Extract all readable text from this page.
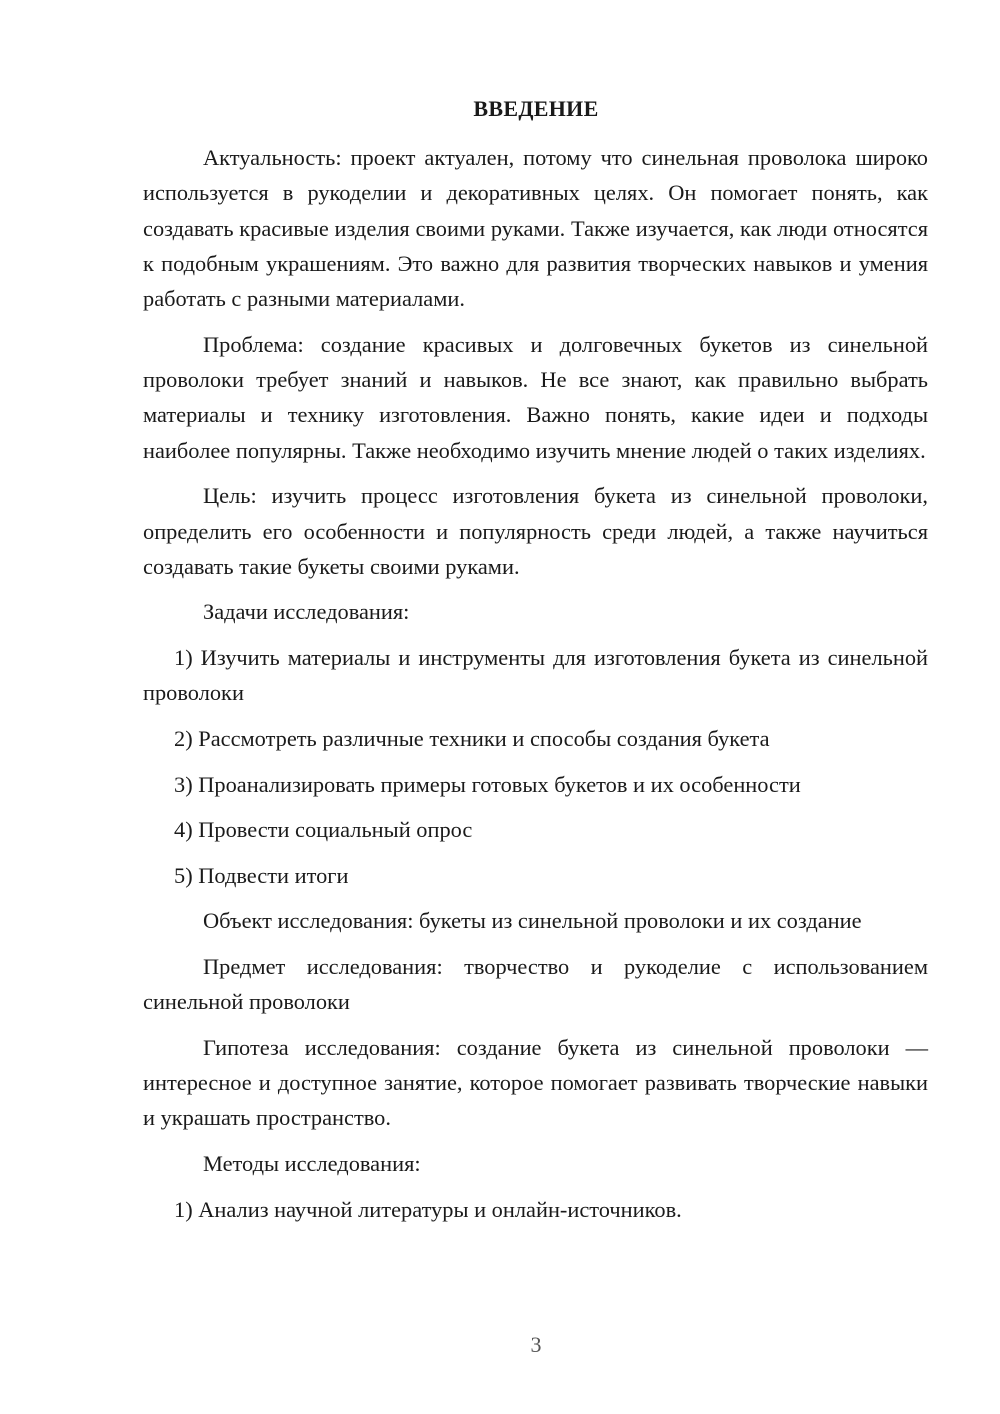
ВВЕДЕНИЕ

Актуальность: проект актуален, потому что синельная проволока широко используется в рукоделии и декоративных целях. Он помогает понять, как создавать красивые изделия своими руками. Также изучается, как люди относятся к подобным украшениям. Это важно для развития творческих навыков и умения работать с разными материалами.

Проблема: создание красивых и долговечных букетов из синельной проволоки требует знаний и навыков. Не все знают, как правильно выбрать материалы и технику изготовления. Важно понять, какие идеи и подходы наиболее популярны. Также необходимо изучить мнение людей о таких изделиях.

Цель: изучить процесс изготовления букета из синельной проволоки, определить его особенности и популярность среди людей, а также научиться создавать такие букеты своими руками.

Задачи исследования:

1) Изучить материалы и инструменты для изготовления букета из синельной проволоки

2) Рассмотреть различные техники и способы создания букета

3) Проанализировать примеры готовых букетов и их особенности

4) Провести социальный опрос

5) Подвести итоги

Объект исследования: букеты из синельной проволоки и их создание

Предмет исследования: творчество и рукоделие с использованием синельной проволоки

Гипотеза исследования: создание букета из синельной проволоки — интересное и доступное занятие, которое помогает развивать творческие навыки и украшать пространство.

Методы исследования:

1) Анализ научной литературы и онлайн-источников.

3
